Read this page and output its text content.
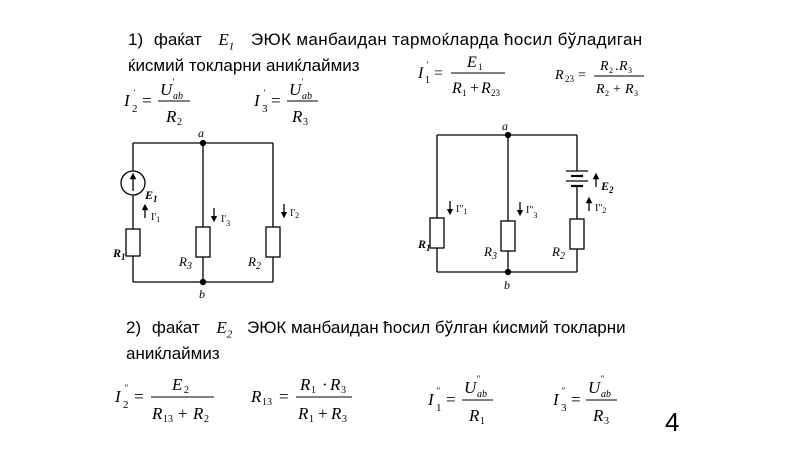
1) фаќат $E_1$ ЭЮК манбаидан тармоќларда ћосил бўладиган
ќисмий токларни аниќлаймиз
2) фаќат $E_2$ ЭЮК манбаидан ћосил бўлган ќисмий токларни
аниќлаймиз
4
I '
2 =
U '
ab
R 2
I '
3 =
U '
ab
R 3
I '
1 =
E 1
R 1 + R 23
R 23 =
R 2 . R 3
R 2 + R 3
I "
2 =
E 2
R 13 + R 2
R 13 =
R 1 · R 3
R 1 + R 3
I "
1 =
U "
ab
R 1
I "
3 =
U "
ab
R 3
a
b
$E_1$
$R_1$	$R_3$	$R_2$
$I'_1$	$I'_3$
$I'_2$
a
b
$E_2$
$R_1$	$R_3$	$R_2$
$I"_1$	$I"_3$
$I"_2$
